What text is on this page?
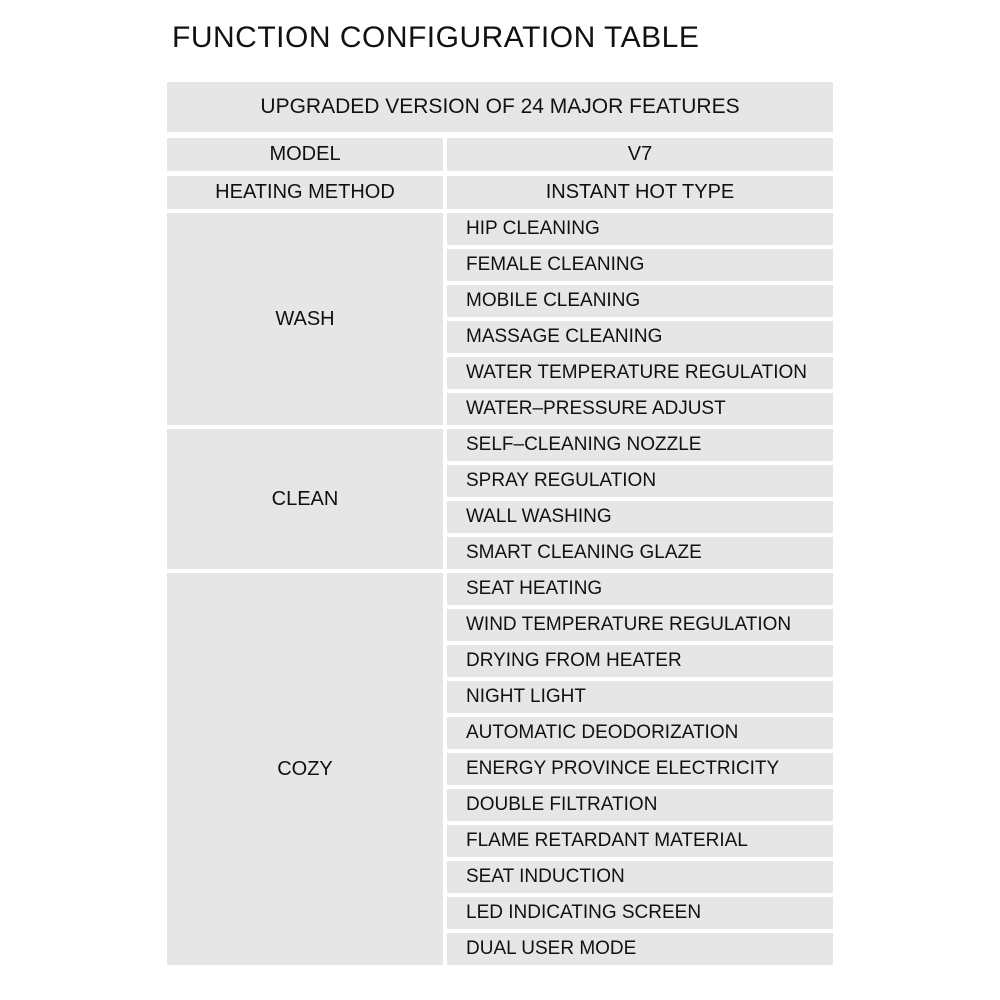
FUNCTION CONFIGURATION TABLE
UPGRADED VERSION OF 24 MAJOR FEATURES
MODEL	V7
HEATING METHOD	INSTANT HOT TYPE
WASH
HIP CLEANING
FEMALE CLEANING
MOBILE CLEANING
MASSAGE CLEANING
WATER TEMPERATURE REGULATION
WATER–PRESSURE ADJUST
CLEAN
SELF–CLEANING NOZZLE
SPRAY REGULATION
WALL WASHING
SMART CLEANING GLAZE
COZY
SEAT HEATING
WIND TEMPERATURE REGULATION
DRYING FROM HEATER
NIGHT LIGHT
AUTOMATIC DEODORIZATION
ENERGY PROVINCE ELECTRICITY
DOUBLE FILTRATION
FLAME RETARDANT MATERIAL
SEAT INDUCTION
LED INDICATING SCREEN
DUAL USER MODE
